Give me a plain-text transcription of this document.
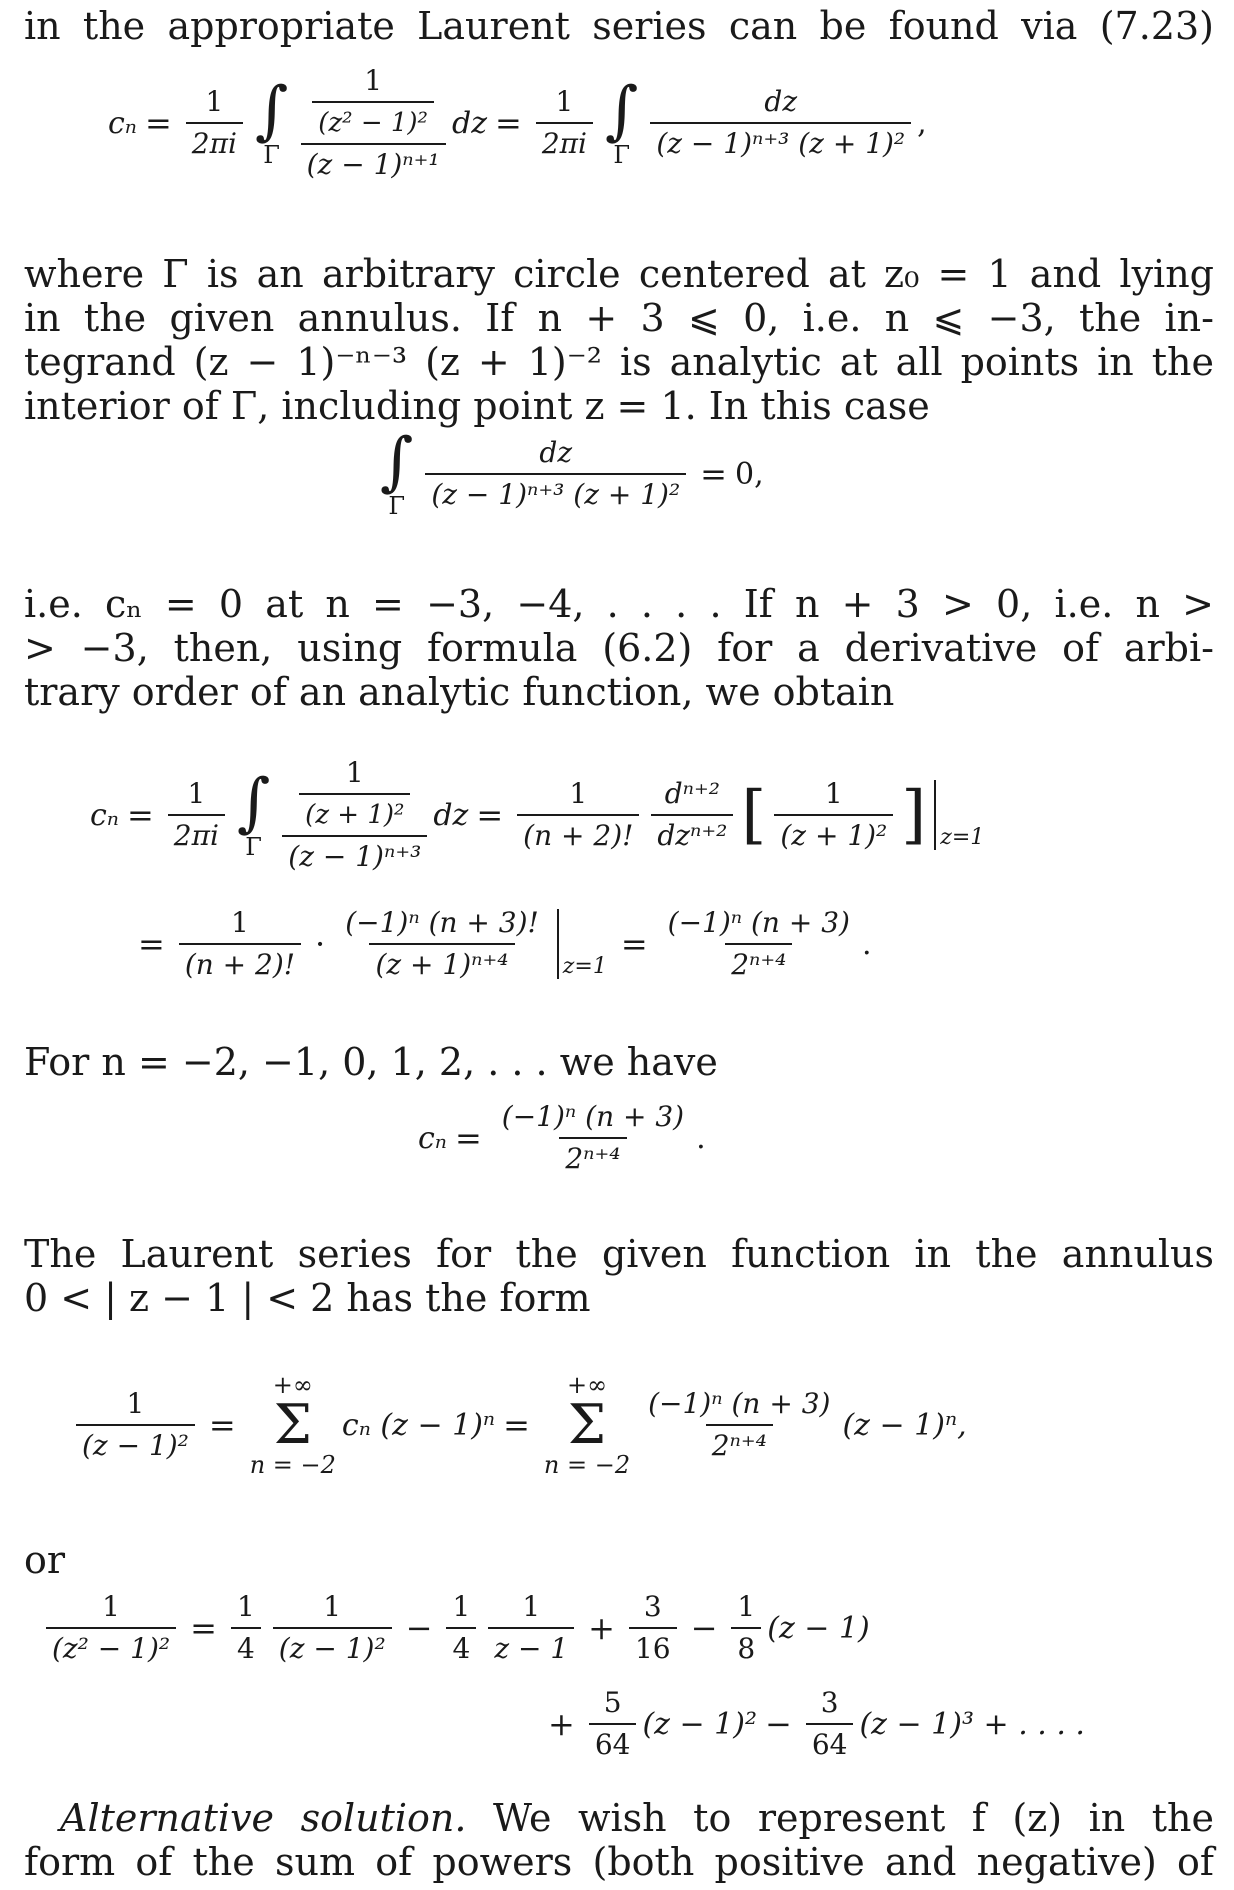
in the appropriate Laurent series can be found via (7.23)
$c_n = \frac{1}{2\pi i}$ ∫
Γ $\frac{\frac{1}{\text{(z² − 1)²}}}{\text{(z − 1)ⁿ⁺¹}}$ dz = $\frac{1}{2\pi i}$ ∫
Γ $\frac{dz}{\text{(z − 1)ⁿ⁺³ (z + 1)²}}$ ,
where Γ is an arbitrary circle centered at z₀ = 1 and lying
in the given annulus. If n + 3 ⩽ 0, i.e. n ⩽ −3, the in-
tegrand (z − 1)⁻ⁿ⁻³ (z + 1)⁻² is analytic at all points in the
interior of Γ, including point z = 1. In this case
∫
Γ $\frac{dz}{\text{(z − 1)ⁿ⁺³ (z + 1)²}} = 0$,
i.e. cₙ = 0 at n = −3, −4, . . . . If n + 3 > 0, i.e. n >
> −3, then, using formula (6.2) for a derivative of arbi-
trary order of an analytic function, we obtain
$c_n = \frac{1}{2\pi i}$ ∫
Γ $\frac{\frac{1}{\text{(z + 1)²}}}{\text{(z − 1)ⁿ⁺³}}$ dz = $\frac{1}{(n + 2)!} \frac{\text{dⁿ⁺²}}{\text{dzⁿ⁺²}}$ [ $\frac{1}{\text{(z + 1)²}}$ ] z=1
= $\frac{1}{(n + 2)!} \cdot \frac{\text{(−1)ⁿ (n + 3)!}}{\text{(z + 1)ⁿ⁺⁴}} z=1$
= $\frac{\text{(−1)ⁿ (n + 3)}}{\text{2ⁿ⁺⁴}}$ .
For n = −2, −1, 0, 1, 2, . . . we have
$c_n = \frac{\text{(−1)ⁿ (n + 3)}}{\text{2ⁿ⁺⁴}}$ .
The Laurent series for the given function in the annulus
0 < | z − 1 | < 2 has the form
$\frac{1}{\text{(z − 1)²}}$ =
+∞
Σ
n = −2
cₙ (z − 1)ⁿ =
+∞
Σ
n = −2
$\frac{\text{(−1)ⁿ (n + 3)}}{\text{2ⁿ⁺⁴}} (z - 1)^n$,
or
$\frac{1}{\text{(z² − 1)²}} = \frac{1}{4} \frac{1}{\text{(z − 1)²}} - \frac{1}{4} \frac{1}{z - 1} + \frac{3}{16} - \frac{1}{8} (z - 1)$
+ $\frac{5}{64} (z - 1)^2 - \frac{3}{64} (z - 1)^3$ + . . . .
Alternative solution. We wish to represent f (z) in the
form of the sum of powers (both positive and negative) of
